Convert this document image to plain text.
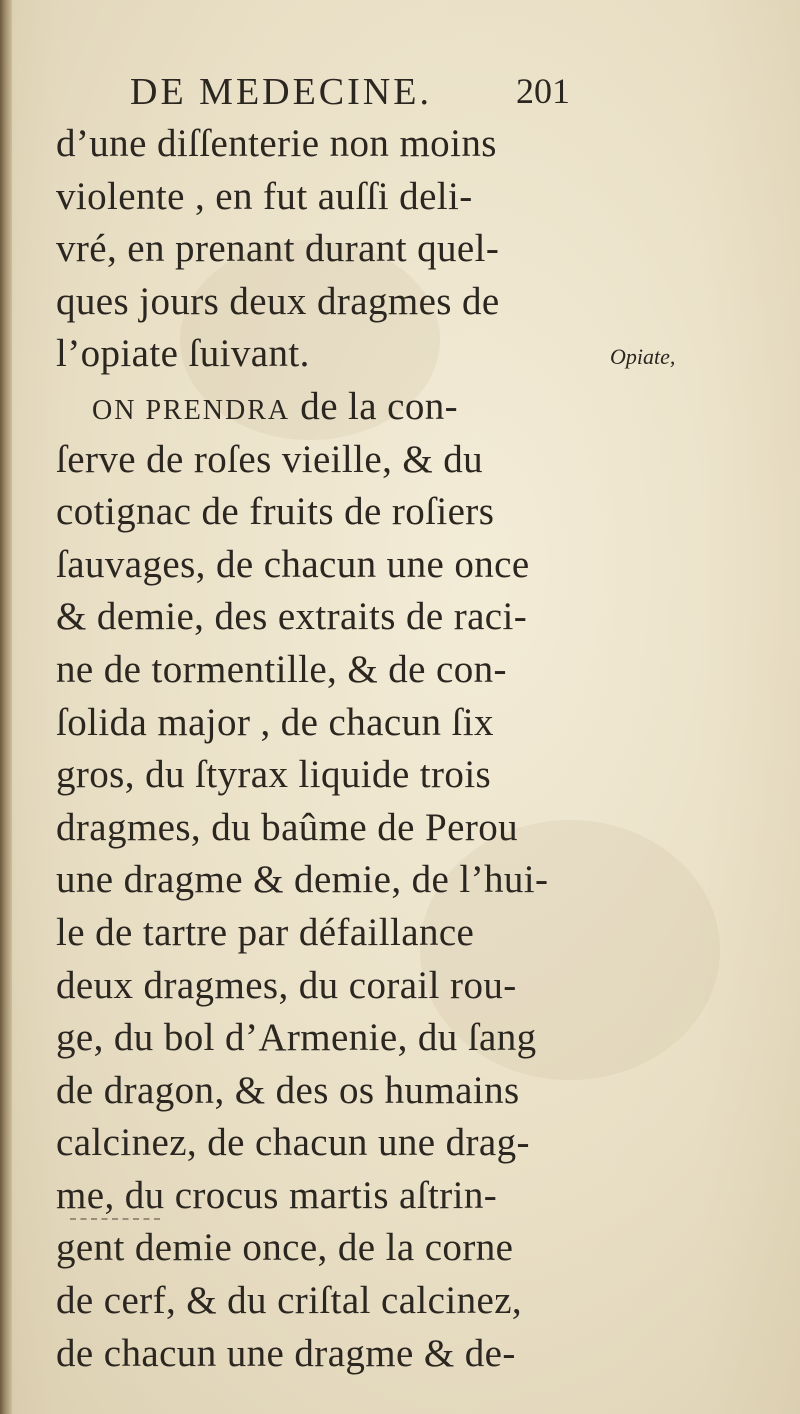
DE MEDECINE. 201
Opiate,
d’une diſſenterie non moins
violente , en fut auſſi deli-
vré, en prenant durant quel-
ques jours deux dragmes de
l’opiate ſuivant.
ON PRENDRA de la con-
ſerve de roſes vieille, & du
cotignac de fruits de roſiers
ſauvages, de chacun une once
& demie, des extraits de raci-
ne de tormentille, & de con-
ſolida major , de chacun ſix
gros, du ſtyrax liquide trois
dragmes, du baûme de Perou
une dragme & demie, de l’hui-
le de tartre par défaillance
deux dragmes, du corail rou-
ge, du bol d’Armenie, du ſang
de dragon, & des os humains
calcinez, de chacun une drag-
me, du crocus martis aſtrin-
gent demie once, de la corne
de cerf, & du criſtal calcinez,
de chacun une dragme & de-
